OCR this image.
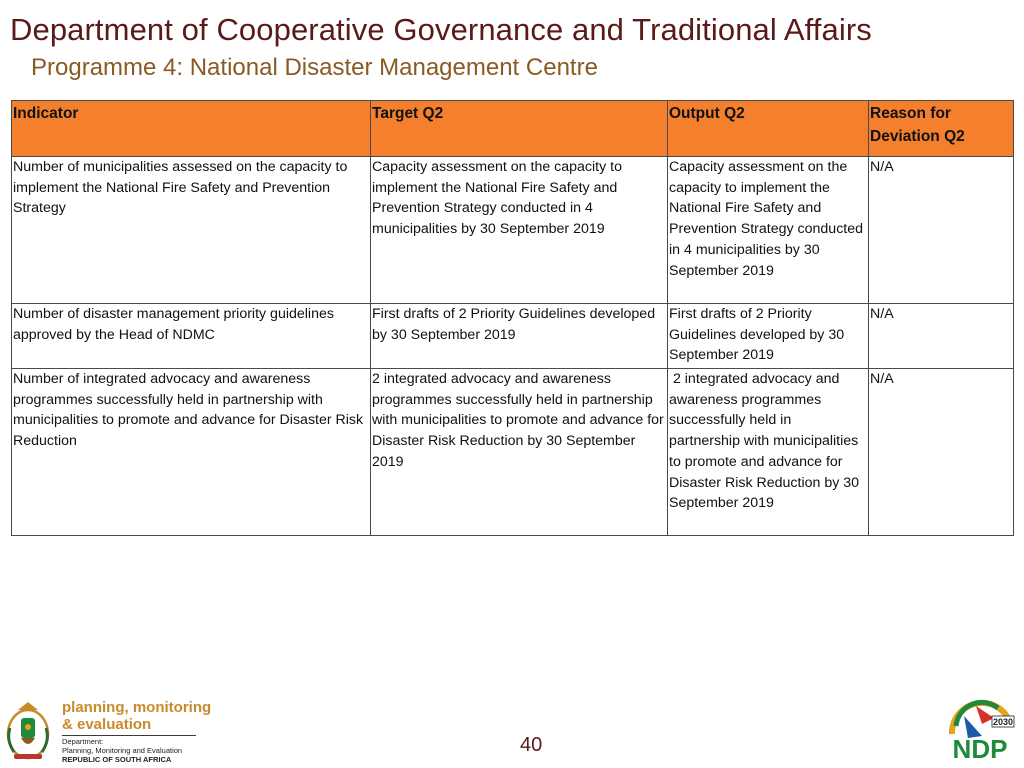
Department of Cooperative Governance and Traditional Affairs
Programme 4: National Disaster Management Centre
Indicator	Target Q2	Output Q2	Reason for Deviation Q2
Number of municipalities assessed on the capacity to implement the National Fire Safety and Prevention Strategy	Capacity assessment on the capacity to implement the National Fire Safety and Prevention Strategy conducted in 4 municipalities by 30 September 2019	Capacity assessment on the capacity to implement the National Fire Safety and Prevention Strategy conducted in 4 municipalities by 30 September 2019	N/A
Number of disaster management priority guidelines approved by the Head of NDMC	First drafts of 2 Priority Guidelines developed by 30 September 2019	First drafts of 2 Priority Guidelines developed by 30 September 2019	N/A
Number of integrated advocacy and awareness programmes successfully held in partnership with municipalities to promote and advance for Disaster Risk Reduction	2 integrated advocacy and awareness programmes successfully held in partnership with municipalities to promote and advance for Disaster Risk Reduction by 30 September 2019	2 integrated advocacy and awareness programmes successfully held in partnership with municipalities to promote and advance for Disaster Risk Reduction by 30 September 2019	N/A
planning, monitoring
& evaluation
Department:
Planning, Monitoring and Evaluation
REPUBLIC OF SOUTH AFRICA
40
2030
NDP
